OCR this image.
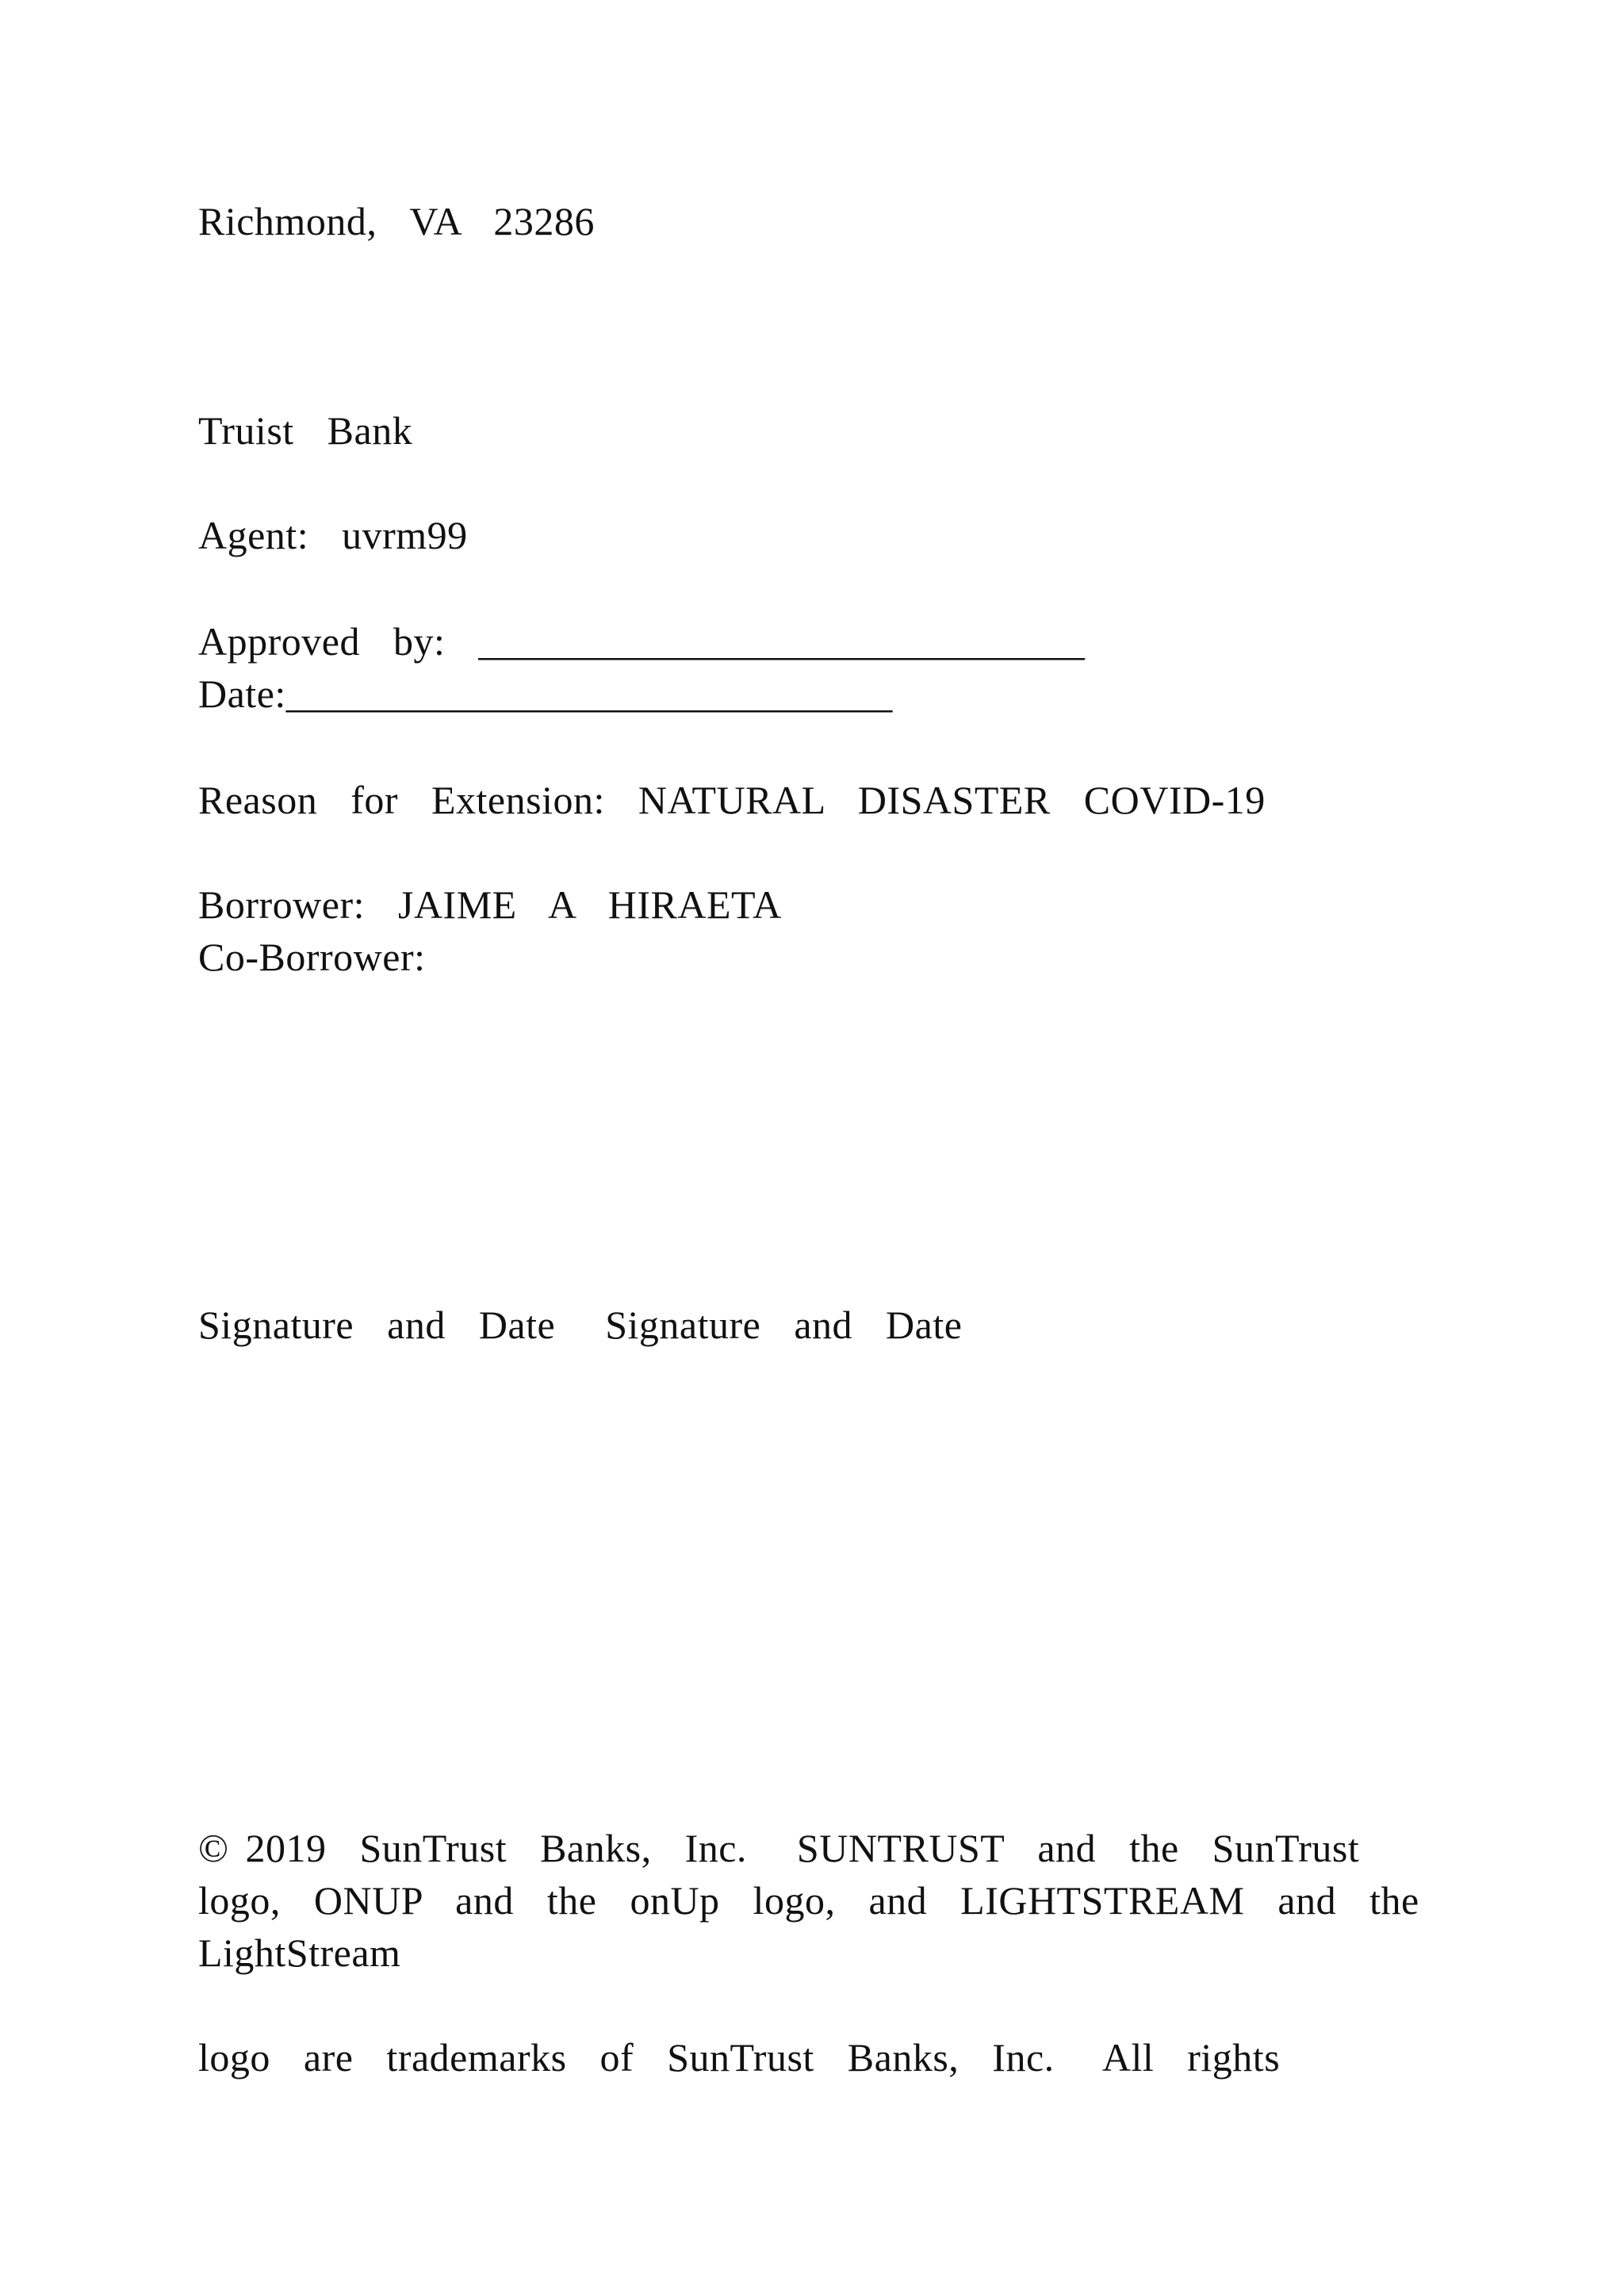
Richmond,  VA  23286
Truist  Bank
Agent:  uvrm99
Approved  by:  ______________________________
Date:______________________________
Reason  for  Extension:  NATURAL  DISASTER  COVID-19
Borrower:  JAIME  A  HIRAETA
Co-Borrower:
Signature  and  Date   Signature  and  Date
© 2019  SunTrust  Banks,  Inc.   SUNTRUST  and  the  SunTrust
logo,  ONUP  and  the  onUp  logo,  and  LIGHTSTREAM  and  the
LightStream
logo  are  trademarks  of  SunTrust  Banks,  Inc.   All  rights
